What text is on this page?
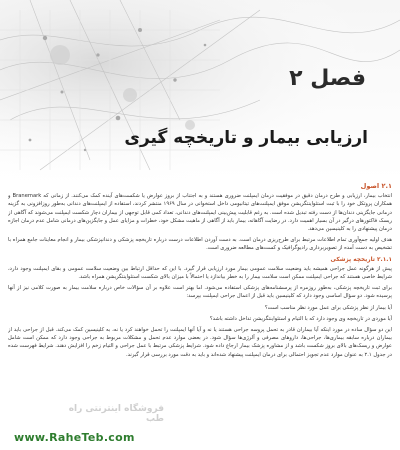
فصل ۲
ارزیابی بیمار و تاریخچه گیری
۲.۱ اصول

انتخاب بیمار، ارزیابی و طرح درمان دقیق در موفقیت درمان ایمپلنت ضروری هستند و به اجتناب از بروز عوارض یا شکست‌های آینده کمک می‌کنند. از زمانی که Branemark و همکاران پروتکل خود را با ثبت استئواینتگریشن موفق ایمپلنت‌های تیتانیومی داخل استخوانی در سال ۱۹۶۹ منتشر کردند، استفاده از ایمپلنت‌های دندانی به‌طور روزافزونی به گزینه درمانی جایگزینی دندان‌ها از دست رفته تبدیل شده است. به رغم قابلیت پیش‌بینی ایمپلنت‌های دندانی، تعداد کمی قابل توجهی از بیماران دچار شکست ایمپلنت می‌شوند که آگاهی از ریسک فاکتورهای درگیر در آن بسیار اهمیت دارد. در رضایت آگاهانه، بیمار باید از آگاهی از ماهیت مشکل خود، خطرات و مزایای عمل و جایگزین‌های درمانی شامل عدم درمان اجازه درمان پیشنهادی را به کلینیسین می‌دهد.

هدف اولیه جمع‌آوری تمام اطلاعات مرتبط برای طرح‌ریزی درمان است. به دست آوردن اطلاعات درست درباره تاریخچه پزشکی و دندانپزشکی بیمار و انجام معاینات جامع همراه با تشخیص به دست آمده از تصویربرداری رادیوگرافیک و کست‌های مطالعه ضروری است.

۲.۱.۱ تاریخچه پزشکی

پیش از هرگونه عمل جراحی همیشه باید وضعیت سلامت عمومی بیمار مورد ارزیابی قرار گیرد. با این که حداقل ارتباط بین وضعیت سلامت عمومی و بقای ایمپلنت وجود دارد، شرایط خاصی هستند که جراحی ایمپلنت ممکن است سلامت بیمار را به خطر بیاندازد یا احتمالاً با میزان بالای شکست استئواینتگریشن همراه باشد.

برای ثبت تاریخچه پزشکی، به‌طور روزمره از پرسشنامه‌های پزشکی استفاده می‌شود. اما بهتر است علاوه بر آن سؤالات خاص درباره سلامت بیمار به صورت کلامی نیز از آنها پرسیده شود. دو سؤال اساسی وجود دارد که کلینیسین باید قبل از اعمال جراحی ایمپلنت بپرسد:

آیا بیمار از نظر پزشکی برای عمل مورد نظر مناسب است؟

آیا موردی در تاریخچه وی وجود دارد که با التیام و استئواینتگریشن تداخل داشته باشد؟

این دو سؤال ساده در مورد اینکه آیا بیماران قادر به تحمل پروسه جراحی هستند یا نه و آیا آنها ایمپلنت را تحمل خواهند کرد یا نه، به کلینیسین کمک می‌کند. قبل از جراحی باید از بیماران درباره سابقه بیماری‌ها، جراحی‌ها، داروهای مصرفی و آلرژی‌ها سؤال شود. در بعضی موارد عدم تحمل و مشکلات مربوط به جراحی وجود دارد که ممکن است شامل عوارض و ریسک‌های بالای بروز شکست باشد و از مشاوره پزشک بیمار ارجاع داده شود. شرایط پزشکی مرتبط با عمل جراحی و التیام زخم را افزایش دهند. شرایط فهرست شده در جدول ۲.۱ به عنوان موارد عدم تجویز احتمالی برای درمان ایمپلنت پیشنهاد شده‌اند و باید به دقت مورد بررسی قرار گیرند.

فروشگاه اینترنتی راه طب
www.RaheTeb.com
